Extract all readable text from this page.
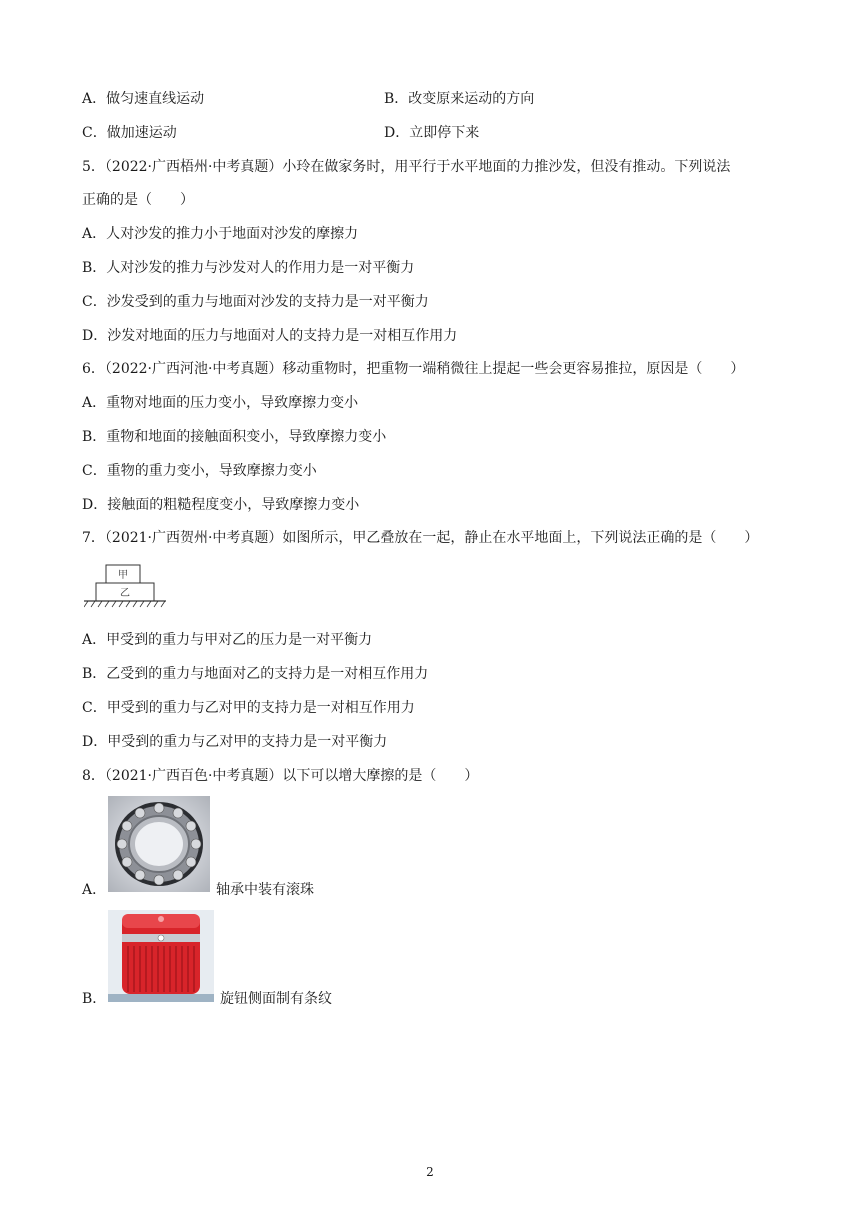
A．做匀速直线运动	B．改变原来运动的方向
C．做加速运动	D．立即停下来
5．（2022·广西梧州·中考真题）小玲在做家务时，用平行于水平地面的力推沙发，但没有推动。下列说法
正确的是（　　）
A．人对沙发的推力小于地面对沙发的摩擦力
B．人对沙发的推力与沙发对人的作用力是一对平衡力
C．沙发受到的重力与地面对沙发的支持力是一对平衡力
D．沙发对地面的压力与地面对人的支持力是一对相互作用力
6．（2022·广西河池·中考真题）移动重物时，把重物一端稍微往上提起一些会更容易推拉，原因是（　　）
A．重物对地面的压力变小，导致摩擦力变小
B．重物和地面的接触面积变小，导致摩擦力变小
C．重物的重力变小，导致摩擦力变小
D．接触面的粗糙程度变小，导致摩擦力变小
7．（2021·广西贺州·中考真题）如图所示，甲乙叠放在一起，静止在水平地面上，下列说法正确的是（　　）
甲
乙
A．甲受到的重力与甲对乙的压力是一对平衡力
B．乙受到的重力与地面对乙的支持力是一对相互作用力
C．甲受到的重力与乙对甲的支持力是一对相互作用力
D．甲受到的重力与乙对甲的支持力是一对平衡力
8．（2021·广西百色·中考真题）以下可以增大摩擦的是（　　）
A．	轴承中装有滚珠
B．	旋钮侧面制有条纹
2
